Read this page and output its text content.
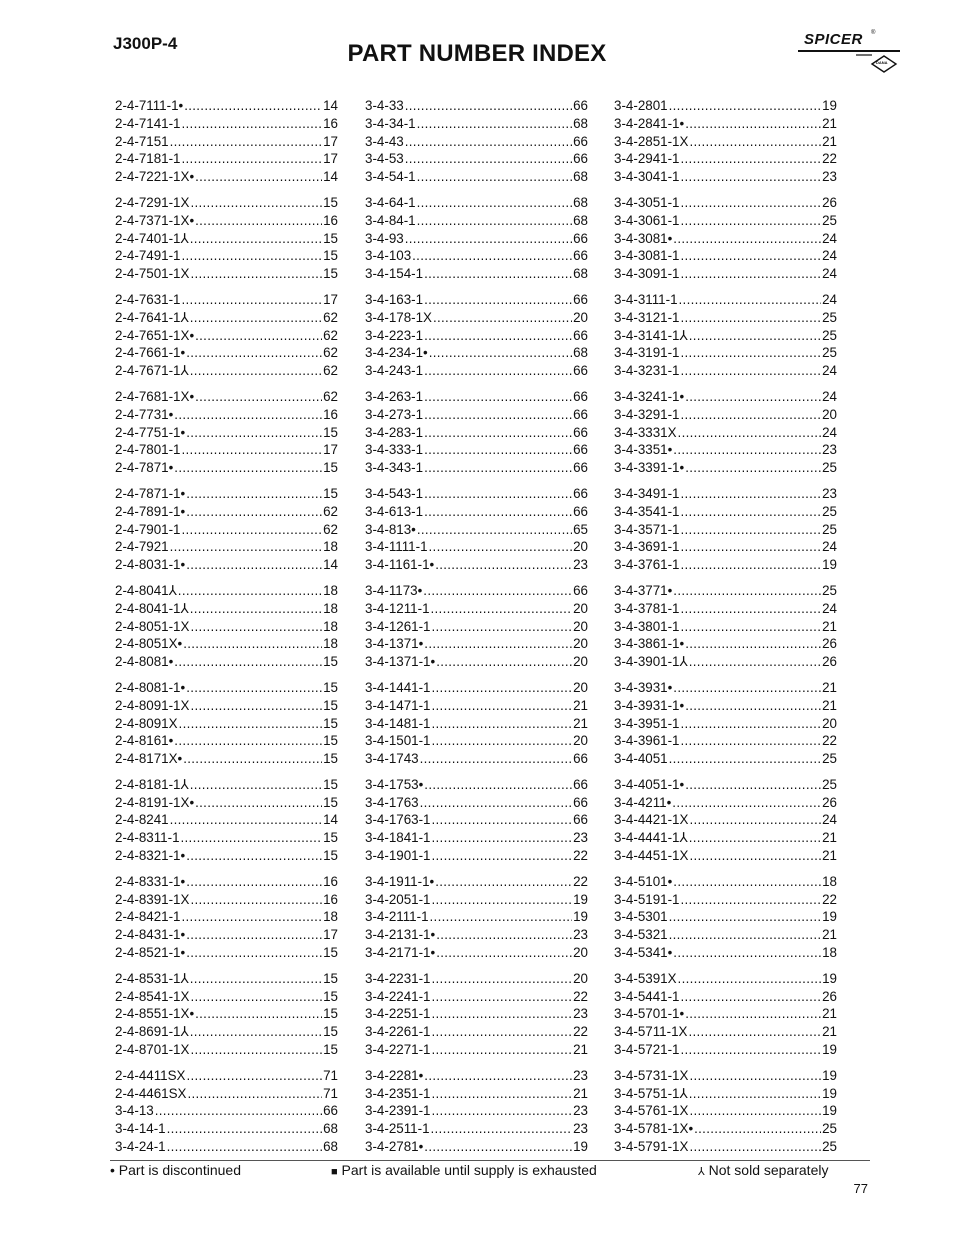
J300P-4	PART NUMBER INDEX
SPICER ®
DANA
2-4-7111-1• .....	14
2-4-7141-1 .....	16
2-4-7151 .....	17
2-4-7181-1 .....	17
2-4-7221-1X• .....	14
2-4-7291-1X .....	15
2-4-7371-1X• .....	16
2-4-7401-1⅄ .....	15
2-4-7491-1 .....	15
2-4-7501-1X .....	15
2-4-7631-1 .....	17
2-4-7641-1⅄ .....	62
2-4-7651-1X• .....	62
2-4-7661-1• .....	62
2-4-7671-1⅄ .....	62
2-4-7681-1X• .....	62
2-4-7731• .....	16
2-4-7751-1• .....	15
2-4-7801-1 .....	17
2-4-7871• .....	15
2-4-7871-1• .....	15
2-4-7891-1• .....	62
2-4-7901-1 .....	62
2-4-7921 .....	18
2-4-8031-1• .....	14
2-4-8041⅄ .....	18
2-4-8041-1⅄ .....	18
2-4-8051-1X .....	18
2-4-8051X• .....	18
2-4-8081• .....	15
2-4-8081-1• .....	15
2-4-8091-1X .....	15
2-4-8091X .....	15
2-4-8161• .....	15
2-4-8171X• .....	15
2-4-8181-1⅄ .....	15
2-4-8191-1X• .....	15
2-4-8241 .....	14
2-4-8311-1 .....	15
2-4-8321-1• .....	15
2-4-8331-1• .....	16
2-4-8391-1X .....	16
2-4-8421-1 .....	18
2-4-8431-1• .....	17
2-4-8521-1• .....	15
2-4-8531-1⅄ .....	15
2-4-8541-1X .....	15
2-4-8551-1X• .....	15
2-4-8691-1⅄ .....	15
2-4-8701-1X .....	15
2-4-4411SX .....	71
2-4-4461SX .....	71
3-4-13 .....	66
3-4-14-1 .....	68
3-4-24-1 .....	68
3-4-33 .....	66
3-4-34-1 .....	68
3-4-43 .....	66
3-4-53 .....	66
3-4-54-1 .....	68
3-4-64-1 .....	68
3-4-84-1 .....	68
3-4-93 .....	66
3-4-103 .....	66
3-4-154-1 .....	68
3-4-163-1 .....	66
3-4-178-1X .....	20
3-4-223-1 .....	66
3-4-234-1• .....	68
3-4-243-1 .....	66
3-4-263-1 .....	66
3-4-273-1 .....	66
3-4-283-1 .....	66
3-4-333-1 .....	66
3-4-343-1 .....	66
3-4-543-1 .....	66
3-4-613-1 .....	66
3-4-813• .....	65
3-4-1111-1 .....	20
3-4-1161-1• .....	23
3-4-1173• .....	66
3-4-1211-1 .....	20
3-4-1261-1 .....	20
3-4-1371• .....	20
3-4-1371-1• .....	20
3-4-1441-1 .....	20
3-4-1471-1 .....	21
3-4-1481-1 .....	21
3-4-1501-1 .....	20
3-4-1743 .....	66
3-4-1753• .....	66
3-4-1763 .....	66
3-4-1763-1 .....	66
3-4-1841-1 .....	23
3-4-1901-1 .....	22
3-4-1911-1• .....	22
3-4-2051-1 .....	19
3-4-2111-1 .....	19
3-4-2131-1• .....	23
3-4-2171-1• .....	20
3-4-2231-1 .....	20
3-4-2241-1 .....	22
3-4-2251-1 .....	23
3-4-2261-1 .....	22
3-4-2271-1 .....	21
3-4-2281• .....	23
3-4-2351-1 .....	21
3-4-2391-1 .....	23
3-4-2511-1 .....	23
3-4-2781• .....	19
3-4-2801 .....	19
3-4-2841-1• .....	21
3-4-2851-1X .....	21
3-4-2941-1 .....	22
3-4-3041-1 .....	23
3-4-3051-1 .....	26
3-4-3061-1 .....	25
3-4-3081• .....	24
3-4-3081-1 .....	24
3-4-3091-1 .....	24
3-4-3111-1 .....	24
3-4-3121-1 .....	25
3-4-3141-1⅄ .....	25
3-4-3191-1 .....	25
3-4-3231-1 .....	24
3-4-3241-1• .....	24
3-4-3291-1 .....	20
3-4-3331X .....	24
3-4-3351• .....	23
3-4-3391-1• .....	25
3-4-3491-1 .....	23
3-4-3541-1 .....	25
3-4-3571-1 .....	25
3-4-3691-1 .....	24
3-4-3761-1 .....	19
3-4-3771• .....	25
3-4-3781-1 .....	24
3-4-3801-1 .....	21
3-4-3861-1• .....	26
3-4-3901-1⅄ .....	26
3-4-3931• .....	21
3-4-3931-1• .....	21
3-4-3951-1 .....	20
3-4-3961-1 .....	22
3-4-4051 .....	25
3-4-4051-1• .....	25
3-4-4211• .....	26
3-4-4421-1X .....	24
3-4-4441-1⅄ .....	21
3-4-4451-1X .....	21
3-4-5101• .....	18
3-4-5191-1 .....	22
3-4-5301 .....	19
3-4-5321 .....	21
3-4-5341• .....	18
3-4-5391X .....	19
3-4-5441-1 .....	26
3-4-5701-1• .....	21
3-4-5711-1X .....	21
3-4-5721-1 .....	19
3-4-5731-1X .....	19
3-4-5751-1⅄ .....	19
3-4-5761-1X .....	19
3-4-5781-1X• .....	25
3-4-5791-1X .....	25
• Part is discontinued	■ Part is available until supply is exhausted	⅄ Not sold separately
77
